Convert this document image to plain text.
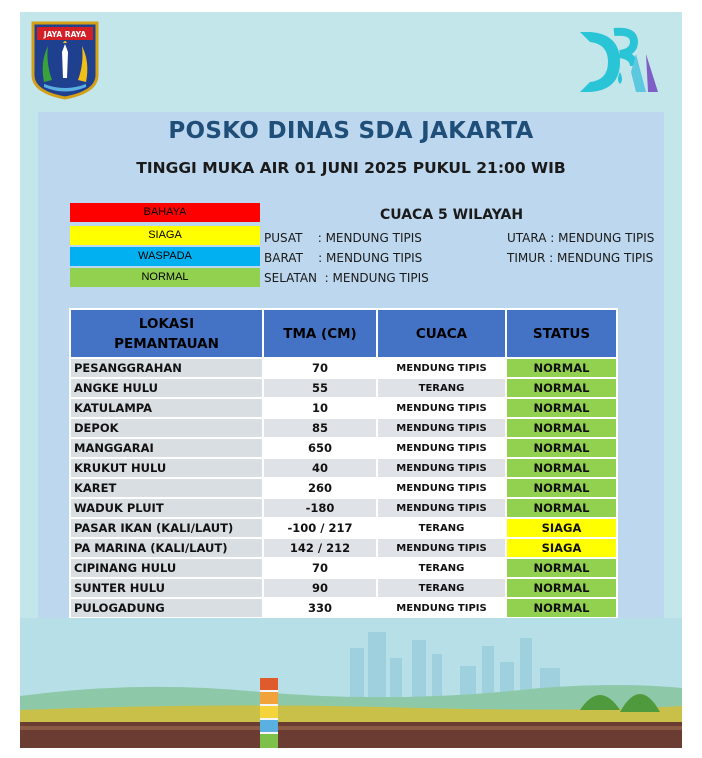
JAYA RAYA
POSKO DINAS SDA JAKARTA
TINGGI MUKA AIR 01 JUNI 2025 PUKUL 21:00 WIB
BAHAYA
SIAGA
WASPADA
NORMAL
CUACA 5 WILAYAH
PUSAT    : MENDUNG TIPIS
BARAT    : MENDUNG TIPIS
SELATAN  : MENDUNG TIPIS
UTARA : MENDUNG TIPIS
TIMUR : MENDUNG TIPIS
LOKASI PEMANTAUAN	TMA (CM)	CUACA	STATUS
PESANGGRAHAN	70	MENDUNG TIPIS	NORMAL
ANGKE HULU	55	TERANG	NORMAL
KATULAMPA	10	MENDUNG TIPIS	NORMAL
DEPOK	85	MENDUNG TIPIS	NORMAL
MANGGARAI	650	MENDUNG TIPIS	NORMAL
KRUKUT HULU	40	MENDUNG TIPIS	NORMAL
KARET	260	MENDUNG TIPIS	NORMAL
WADUK PLUIT	-180	MENDUNG TIPIS	NORMAL
PASAR IKAN (KALI/LAUT)	-100 / 217	TERANG	SIAGA
PA MARINA (KALI/LAUT)	142 / 212	MENDUNG TIPIS	SIAGA
CIPINANG HULU	70	TERANG	NORMAL
SUNTER HULU	90	TERANG	NORMAL
PULOGADUNG	330	MENDUNG TIPIS	NORMAL
